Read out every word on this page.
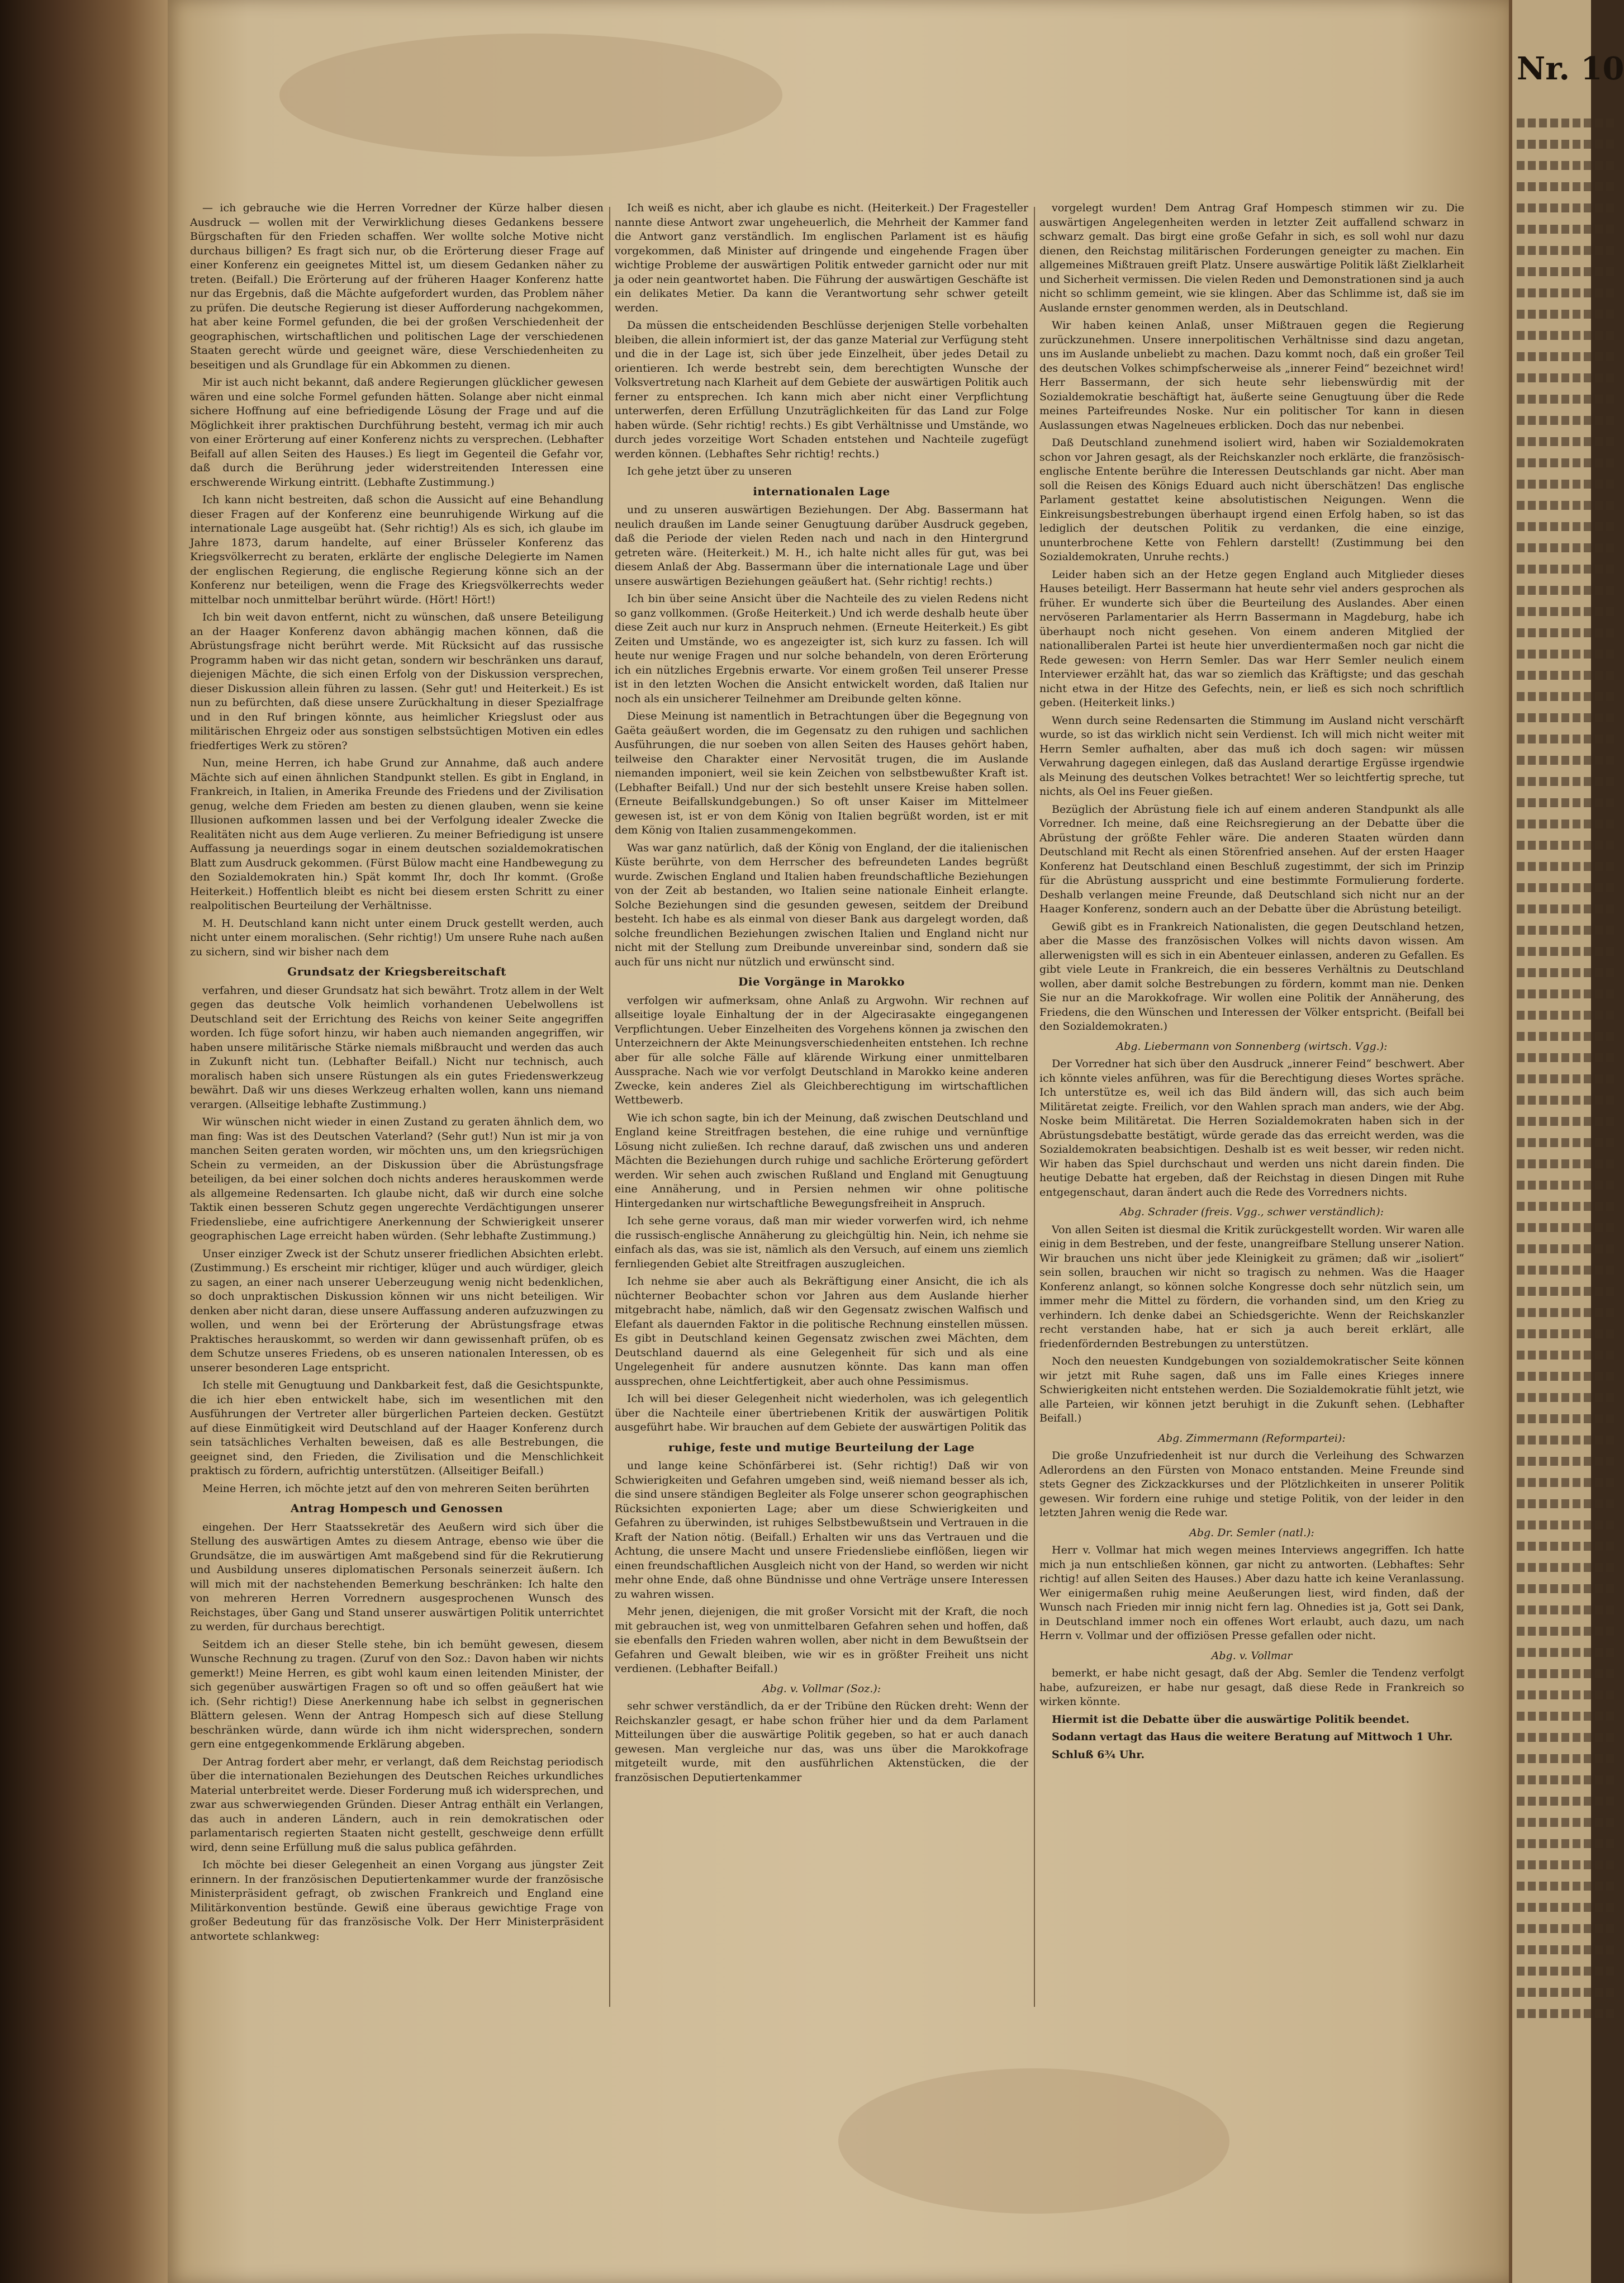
— ich gebrauche wie die Herren Vorredner der Kürze halber diesen Ausdruck — wollen mit der Verwirklichung dieses Gedankens bessere Bürgschaften für den Frieden schaffen. Wer wollte solche Motive nicht durchaus billigen? Es fragt sich nur, ob die Erörterung dieser Frage auf einer Konferenz ein geeignetes Mittel ist, um diesem Gedanken näher zu treten. (Beifall.) Die Erörterung auf der früheren Haager Konferenz hatte nur das Ergebnis, daß die Mächte aufgefordert wurden, das Problem näher zu prüfen. Die deutsche Regierung ist dieser Aufforderung nachgekommen, hat aber keine Formel gefunden, die bei der großen Verschiedenheit der geographischen, wirtschaftlichen und politischen Lage der verschiedenen Staaten gerecht würde und geeignet wäre, diese Verschiedenheiten zu beseitigen und als Grundlage für ein Abkommen zu dienen.

Mir ist auch nicht bekannt, daß andere Regierungen glücklicher gewesen wären und eine solche Formel gefunden hätten. Solange aber nicht einmal sichere Hoffnung auf eine befriedigende Lösung der Frage und auf die Möglichkeit ihrer praktischen Durchführung besteht, vermag ich mir auch von einer Erörterung auf einer Konferenz nichts zu versprechen. (Lebhafter Beifall auf allen Seiten des Hauses.) Es liegt im Gegenteil die Gefahr vor, daß durch die Berührung jeder widerstreitenden Interessen eine erschwerende Wirkung eintritt. (Lebhafte Zustimmung.)

Ich kann nicht bestreiten, daß schon die Aussicht auf eine Behandlung dieser Fragen auf der Konferenz eine beunruhigende Wirkung auf die internationale Lage ausgeübt hat. (Sehr richtig!) Als es sich, ich glaube im Jahre 1873, darum handelte, auf einer Brüsseler Konferenz das Kriegsvölkerrecht zu beraten, erklärte der englische Delegierte im Namen der englischen Regierung, die englische Regierung könne sich an der Konferenz nur beteiligen, wenn die Frage des Kriegsvölkerrechts weder mittelbar noch unmittelbar berührt würde. (Hört! Hört!)

Ich bin weit davon entfernt, nicht zu wünschen, daß unsere Beteiligung an der Haager Konferenz davon abhängig machen können, daß die Abrüstungsfrage nicht berührt werde. Mit Rücksicht auf das russische Programm haben wir das nicht getan, sondern wir beschränken uns darauf, diejenigen Mächte, die sich einen Erfolg von der Diskussion versprechen, dieser Diskussion allein führen zu lassen. (Sehr gut! und Heiterkeit.) Es ist nun zu befürchten, daß diese unsere Zurückhaltung in dieser Spezialfrage und in den Ruf bringen könnte, aus heimlicher Kriegslust oder aus militärischen Ehrgeiz oder aus sonstigen selbstsüchtigen Motiven ein edles friedfertiges Werk zu stören?

Nun, meine Herren, ich habe Grund zur Annahme, daß auch andere Mächte sich auf einen ähnlichen Standpunkt stellen. Es gibt in England, in Frankreich, in Italien, in Amerika Freunde des Friedens und der Zivilisation genug, welche dem Frieden am besten zu dienen glauben, wenn sie keine Illusionen aufkommen lassen und bei der Verfolgung idealer Zwecke die Realitäten nicht aus dem Auge verlieren. Zu meiner Befriedigung ist unsere Auffassung ja neuerdings sogar in einem deutschen sozialdemokratischen Blatt zum Ausdruck gekommen. (Fürst Bülow macht eine Handbewegung zu den Sozialdemokraten hin.) Spät kommt Ihr, doch Ihr kommt. (Große Heiterkeit.) Hoffentlich bleibt es nicht bei diesem ersten Schritt zu einer realpolitischen Beurteilung der Verhältnisse.

M. H. Deutschland kann nicht unter einem Druck gestellt werden, auch nicht unter einem moralischen. (Sehr richtig!) Um unsere Ruhe nach außen zu sichern, sind wir bisher nach dem

Grundsatz der Kriegsbereitschaft

verfahren, und dieser Grundsatz hat sich bewährt. Trotz allem in der Welt gegen das deutsche Volk heimlich vorhandenen Uebelwollens ist Deutschland seit der Errichtung des Reichs von keiner Seite angegriffen worden. Ich füge sofort hinzu, wir haben auch niemanden angegriffen, wir haben unsere militärische Stärke niemals mißbraucht und werden das auch in Zukunft nicht tun. (Lebhafter Beifall.) Nicht nur technisch, auch moralisch haben sich unsere Rüstungen als ein gutes Friedenswerkzeug bewährt. Daß wir uns dieses Werkzeug erhalten wollen, kann uns niemand verargen. (Allseitige lebhafte Zustimmung.)

Wir wünschen nicht wieder in einen Zustand zu geraten ähnlich dem, wo man fing: Was ist des Deutschen Vaterland? (Sehr gut!) Nun ist mir ja von manchen Seiten geraten worden, wir möchten uns, um den kriegsrüchigen Schein zu vermeiden, an der Diskussion über die Abrüstungsfrage beteiligen, da bei einer solchen doch nichts anderes herauskommen werde als allgemeine Redensarten. Ich glaube nicht, daß wir durch eine solche Taktik einen besseren Schutz gegen ungerechte Verdächtigungen unserer Friedensliebe, eine aufrichtigere Anerkennung der Schwierigkeit unserer geographischen Lage erreicht haben würden. (Sehr lebhafte Zustimmung.)

Unser einziger Zweck ist der Schutz unserer friedlichen Absichten erlebt. (Zustimmung.) Es erscheint mir richtiger, klüger und auch würdiger, gleich zu sagen, an einer nach unserer Ueberzeugung wenig nicht bedenklichen, so doch unpraktischen Diskussion können wir uns nicht beteiligen. Wir denken aber nicht daran, diese unsere Auffassung anderen aufzuzwingen zu wollen, und wenn bei der Erörterung der Abrüstungsfrage etwas Praktisches herauskommt, so werden wir dann gewissenhaft prüfen, ob es dem Schutze unseres Friedens, ob es unseren nationalen Interessen, ob es unserer besonderen Lage entspricht.

Ich stelle mit Genugtuung und Dankbarkeit fest, daß die Gesichtspunkte, die ich hier eben entwickelt habe, sich im wesentlichen mit den Ausführungen der Vertreter aller bürgerlichen Parteien decken. Gestützt auf diese Einmütigkeit wird Deutschland auf der Haager Konferenz durch sein tatsächliches Verhalten beweisen, daß es alle Bestrebungen, die geeignet sind, den Frieden, die Zivilisation und die Menschlichkeit praktisch zu fördern, aufrichtig unterstützen. (Allseitiger Beifall.)

Meine Herren, ich möchte jetzt auf den von mehreren Seiten berührten

Antrag Hompesch und Genossen

eingehen. Der Herr Staatssekretär des Aeußern wird sich über die Stellung des auswärtigen Amtes zu diesem Antrage, ebenso wie über die Grundsätze, die im auswärtigen Amt maßgebend sind für die Rekrutierung und Ausbildung unseres diplomatischen Personals seinerzeit äußern. Ich will mich mit der nachstehenden Bemerkung beschränken: Ich halte den von mehreren Herren Vorrednern ausgesprochenen Wunsch des Reichstages, über Gang und Stand unserer auswärtigen Politik unterrichtet zu werden, für durchaus berechtigt.

Seitdem ich an dieser Stelle stehe, bin ich bemüht gewesen, diesem Wunsche Rechnung zu tragen. (Zuruf von den Soz.: Davon haben wir nichts gemerkt!) Meine Herren, es gibt wohl kaum einen leitenden Minister, der sich gegenüber auswärtigen Fragen so oft und so offen geäußert hat wie ich. (Sehr richtig!) Diese Anerkennung habe ich selbst in gegnerischen Blättern gelesen. Wenn der Antrag Hompesch sich auf diese Stellung beschränken würde, dann würde ich ihm nicht widersprechen, sondern gern eine entgegenkommende Erklärung abgeben.

Der Antrag fordert aber mehr, er verlangt, daß dem Reichstag periodisch über die internationalen Beziehungen des Deutschen Reiches urkundliches Material unterbreitet werde. Dieser Forderung muß ich widersprechen, und zwar aus schwerwiegenden Gründen. Dieser Antrag enthält ein Verlangen, das auch in anderen Ländern, auch in rein demokratischen oder parlamentarisch regierten Staaten nicht gestellt, geschweige denn erfüllt wird, denn seine Erfüllung muß die salus publica gefährden.

Ich möchte bei dieser Gelegenheit an einen Vorgang aus jüngster Zeit erinnern. In der französischen Deputiertenkammer wurde der französische Ministerpräsident gefragt, ob zwischen Frankreich und England eine Militärkonvention bestünde. Gewiß eine überaus gewichtige Frage von großer Bedeutung für das französische Volk. Der Herr Ministerpräsident antwortete schlankweg:

Ich weiß es nicht, aber ich glaube es nicht. (Heiterkeit.) Der Fragesteller nannte diese Antwort zwar ungeheuerlich, die Mehrheit der Kammer fand die Antwort ganz verständlich. Im englischen Parlament ist es häufig vorgekommen, daß Minister auf dringende und eingehende Fragen über wichtige Probleme der auswärtigen Politik entweder garnicht oder nur mit ja oder nein geantwortet haben. Die Führung der auswärtigen Geschäfte ist ein delikates Metier. Da kann die Verantwortung sehr schwer geteilt werden.

Da müssen die entscheidenden Beschlüsse derjenigen Stelle vorbehalten bleiben, die allein informiert ist, der das ganze Material zur Verfügung steht und die in der Lage ist, sich über jede Einzelheit, über jedes Detail zu orientieren. Ich werde bestrebt sein, dem berechtigten Wunsche der Volksvertretung nach Klarheit auf dem Gebiete der auswärtigen Politik auch ferner zu entsprechen. Ich kann mich aber nicht einer Verpflichtung unterwerfen, deren Erfüllung Unzuträglichkeiten für das Land zur Folge haben würde. (Sehr richtig! rechts.) Es gibt Verhältnisse und Umstände, wo durch jedes vorzeitige Wort Schaden entstehen und Nachteile zugefügt werden können. (Lebhaftes Sehr richtig! rechts.)

Ich gehe jetzt über zu unseren

internationalen Lage

und zu unseren auswärtigen Beziehungen. Der Abg. Bassermann hat neulich draußen im Lande seiner Genugtuung darüber Ausdruck gegeben, daß die Periode der vielen Reden nach und nach in den Hintergrund getreten wäre. (Heiterkeit.) M. H., ich halte nicht alles für gut, was bei diesem Anlaß der Abg. Bassermann über die internationale Lage und über unsere auswärtigen Beziehungen geäußert hat. (Sehr richtig! rechts.)

Ich bin über seine Ansicht über die Nachteile des zu vielen Redens nicht so ganz vollkommen. (Große Heiterkeit.) Und ich werde deshalb heute über diese Zeit auch nur kurz in Anspruch nehmen. (Erneute Heiterkeit.) Es gibt Zeiten und Umstände, wo es angezeigter ist, sich kurz zu fassen. Ich will heute nur wenige Fragen und nur solche behandeln, von deren Erörterung ich ein nützliches Ergebnis erwarte. Vor einem großen Teil unserer Presse ist in den letzten Wochen die Ansicht entwickelt worden, daß Italien nur noch als ein unsicherer Teilnehmer am Dreibunde gelten könne.

Diese Meinung ist namentlich in Betrachtungen über die Begegnung von Gaëta geäußert worden, die im Gegensatz zu den ruhigen und sachlichen Ausführungen, die nur soeben von allen Seiten des Hauses gehört haben, teilweise den Charakter einer Nervosität trugen, die im Auslande niemanden imponiert, weil sie kein Zeichen von selbstbewußter Kraft ist. (Lebhafter Beifall.) Und nur der sich bestehlt unsere Kreise haben sollen. (Erneute Beifallskundgebungen.) So oft unser Kaiser im Mittelmeer gewesen ist, ist er von dem König von Italien begrüßt worden, ist er mit dem König von Italien zusammengekommen.

Was war ganz natürlich, daß der König von England, der die italienischen Küste berührte, von dem Herrscher des befreundeten Landes begrüßt wurde. Zwischen England und Italien haben freundschaftliche Beziehungen von der Zeit ab bestanden, wo Italien seine nationale Einheit erlangte. Solche Beziehungen sind die gesunden gewesen, seitdem der Dreibund besteht. Ich habe es als einmal von dieser Bank aus dargelegt worden, daß solche freundlichen Beziehungen zwischen Italien und England nicht nur nicht mit der Stellung zum Dreibunde unvereinbar sind, sondern daß sie auch für uns nicht nur nützlich und erwünscht sind.

Die Vorgänge in Marokko

verfolgen wir aufmerksam, ohne Anlaß zu Argwohn. Wir rechnen auf allseitige loyale Einhaltung der in der Algecirasakte eingegangenen Verpflichtungen. Ueber Einzelheiten des Vorgehens können ja zwischen den Unterzeichnern der Akte Meinungsverschiedenheiten entstehen. Ich rechne aber für alle solche Fälle auf klärende Wirkung einer unmittelbaren Aussprache. Nach wie vor verfolgt Deutschland in Marokko keine anderen Zwecke, kein anderes Ziel als Gleichberechtigung im wirtschaftlichen Wettbewerb.

Wie ich schon sagte, bin ich der Meinung, daß zwischen Deutschland und England keine Streitfragen bestehen, die eine ruhige und vernünftige Lösung nicht zuließen. Ich rechne darauf, daß zwischen uns und anderen Mächten die Beziehungen durch ruhige und sachliche Erörterung gefördert werden. Wir sehen auch zwischen Rußland und England mit Genugtuung eine Annäherung, und in Persien nehmen wir ohne politische Hintergedanken nur wirtschaftliche Bewegungsfreiheit in Anspruch.

Ich sehe gerne voraus, daß man mir wieder vorwerfen wird, ich nehme die russisch-englische Annäherung zu gleichgültig hin. Nein, ich nehme sie einfach als das, was sie ist, nämlich als den Versuch, auf einem uns ziemlich fernliegenden Gebiet alte Streitfragen auszugleichen.

Ich nehme sie aber auch als Bekräftigung einer Ansicht, die ich als nüchterner Beobachter schon vor Jahren aus dem Auslande hierher mitgebracht habe, nämlich, daß wir den Gegensatz zwischen Walfisch und Elefant als dauernden Faktor in die politische Rechnung einstellen müssen. Es gibt in Deutschland keinen Gegensatz zwischen zwei Mächten, dem Deutschland dauernd als eine Gelegenheit für sich und als eine Ungelegenheit für andere ausnutzen könnte. Das kann man offen aussprechen, ohne Leichtfertigkeit, aber auch ohne Pessimismus.

Ich will bei dieser Gelegenheit nicht wiederholen, was ich gelegentlich über die Nachteile einer übertriebenen Kritik der auswärtigen Politik ausgeführt habe. Wir brauchen auf dem Gebiete der auswärtigen Politik das

ruhige, feste und mutige Beurteilung der Lage

und lange keine Schönfärberei ist. (Sehr richtig!) Daß wir von Schwierigkeiten und Gefahren umgeben sind, weiß niemand besser als ich, die sind unsere ständigen Begleiter als Folge unserer schon geographischen Rücksichten exponierten Lage; aber um diese Schwierigkeiten und Gefahren zu überwinden, ist ruhiges Selbstbewußtsein und Vertrauen in die Kraft der Nation nötig. (Beifall.) Erhalten wir uns das Vertrauen und die Achtung, die unsere Macht und unsere Friedensliebe einflößen, liegen wir einen freundschaftlichen Ausgleich nicht von der Hand, so werden wir nicht mehr ohne Ende, daß ohne Bündnisse und ohne Verträge unsere Interessen zu wahren wissen.

Mehr jenen, diejenigen, die mit großer Vorsicht mit der Kraft, die noch mit gebrauchen ist, weg von unmittelbaren Gefahren sehen und hoffen, daß sie ebenfalls den Frieden wahren wollen, aber nicht in dem Bewußtsein der Gefahren und Gewalt bleiben, wie wir es in größter Freiheit uns nicht verdienen. (Lebhafter Beifall.)

Abg. v. Vollmar (Soz.):

sehr schwer verständlich, da er der Tribüne den Rücken dreht: Wenn der Reichskanzler gesagt, er habe schon früher hier und da dem Parlament Mitteilungen über die auswärtige Politik gegeben, so hat er auch danach gewesen. Man vergleiche nur das, was uns über die Marokkofrage mitgeteilt wurde, mit den ausführlichen Aktenstücken, die der französischen Deputiertenkammer

vorgelegt wurden! Dem Antrag Graf Hompesch stimmen wir zu. Die auswärtigen Angelegenheiten werden in letzter Zeit auffallend schwarz in schwarz gemalt. Das birgt eine große Gefahr in sich, es soll wohl nur dazu dienen, den Reichstag militärischen Forderungen geneigter zu machen. Ein allgemeines Mißtrauen greift Platz. Unsere auswärtige Politik läßt Zielklarheit und Sicherheit vermissen. Die vielen Reden und Demonstrationen sind ja auch nicht so schlimm gemeint, wie sie klingen. Aber das Schlimme ist, daß sie im Auslande ernster genommen werden, als in Deutschland.

Wir haben keinen Anlaß, unser Mißtrauen gegen die Regierung zurückzunehmen. Unsere innerpolitischen Verhältnisse sind dazu angetan, uns im Auslande unbeliebt zu machen. Dazu kommt noch, daß ein großer Teil des deutschen Volkes schimpfscherweise als „innerer Feind“ bezeichnet wird! Herr Bassermann, der sich heute sehr liebenswürdig mit der Sozialdemokratie beschäftigt hat, äußerte seine Genugtuung über die Rede meines Parteifreundes Noske. Nur ein politischer Tor kann in diesen Auslassungen etwas Nagelneues erblicken. Doch das nur nebenbei.

Daß Deutschland zunehmend isoliert wird, haben wir Sozialdemokraten schon vor Jahren gesagt, als der Reichskanzler noch erklärte, die französisch-englische Entente berühre die Interessen Deutschlands gar nicht. Aber man soll die Reisen des Königs Eduard auch nicht überschätzen! Das englische Parlament gestattet keine absolutistischen Neigungen. Wenn die Einkreisungsbestrebungen überhaupt irgend einen Erfolg haben, so ist das lediglich der deutschen Politik zu verdanken, die eine einzige, ununterbrochene Kette von Fehlern darstellt! (Zustimmung bei den Sozialdemokraten, Unruhe rechts.)

Leider haben sich an der Hetze gegen England auch Mitglieder dieses Hauses beteiligt. Herr Bassermann hat heute sehr viel anders gesprochen als früher. Er wunderte sich über die Beurteilung des Auslandes. Aber einen nervöseren Parlamentarier als Herrn Bassermann in Magdeburg, habe ich überhaupt noch nicht gesehen. Von einem anderen Mitglied der nationalliberalen Partei ist heute hier unverdientermaßen noch gar nicht die Rede gewesen: von Herrn Semler. Das war Herr Semler neulich einem Interviewer erzählt hat, das war so ziemlich das Kräftigste; und das geschah nicht etwa in der Hitze des Gefechts, nein, er ließ es sich noch schriftlich geben. (Heiterkeit links.)

Wenn durch seine Redensarten die Stimmung im Ausland nicht verschärft wurde, so ist das wirklich nicht sein Verdienst. Ich will mich nicht weiter mit Herrn Semler aufhalten, aber das muß ich doch sagen: wir müssen Verwahrung dagegen einlegen, daß das Ausland derartige Ergüsse irgendwie als Meinung des deutschen Volkes betrachtet! Wer so leichtfertig spreche, tut nichts, als Oel ins Feuer gießen.

Bezüglich der Abrüstung fiele ich auf einem anderen Standpunkt als alle Vorredner. Ich meine, daß eine Reichsregierung an der Debatte über die Abrüstung der größte Fehler wäre. Die anderen Staaten würden dann Deutschland mit Recht als einen Störenfried ansehen. Auf der ersten Haager Konferenz hat Deutschland einen Beschluß zugestimmt, der sich im Prinzip für die Abrüstung ausspricht und eine bestimmte Formulierung forderte. Deshalb verlangen meine Freunde, daß Deutschland sich nicht nur an der Haager Konferenz, sondern auch an der Debatte über die Abrüstung beteiligt.

Gewiß gibt es in Frankreich Nationalisten, die gegen Deutschland hetzen, aber die Masse des französischen Volkes will nichts davon wissen. Am allerwenigsten will es sich in ein Abenteuer einlassen, anderen zu Gefallen. Es gibt viele Leute in Frankreich, die ein besseres Verhältnis zu Deutschland wollen, aber damit solche Bestrebungen zu fördern, kommt man nie. Denken Sie nur an die Marokkofrage. Wir wollen eine Politik der Annäherung, des Friedens, die den Wünschen und Interessen der Völker entspricht. (Beifall bei den Sozialdemokraten.)

Abg. Liebermann von Sonnenberg (wirtsch. Vgg.):

Der Vorredner hat sich über den Ausdruck „innerer Feind“ beschwert. Aber ich könnte vieles anführen, was für die Berechtigung dieses Wortes spräche. Ich unterstütze es, weil ich das Bild ändern will, das sich auch beim Militäretat zeigte. Freilich, vor den Wahlen sprach man anders, wie der Abg. Noske beim Militäretat. Die Herren Sozialdemokraten haben sich in der Abrüstungsdebatte bestätigt, würde gerade das das erreicht werden, was die Sozialdemokraten beabsichtigen. Deshalb ist es weit besser, wir reden nicht. Wir haben das Spiel durchschaut und werden uns nicht darein finden. Die heutige Debatte hat ergeben, daß der Reichstag in diesen Dingen mit Ruhe entgegenschaut, daran ändert auch die Rede des Vorredners nichts.

Abg. Schrader (freis. Vgg., schwer verständlich):

Von allen Seiten ist diesmal die Kritik zurückgestellt worden. Wir waren alle einig in dem Bestreben, und der feste, unangreifbare Stellung unserer Nation. Wir brauchen uns nicht über jede Kleinigkeit zu grämen; daß wir „isoliert“ sein sollen, brauchen wir nicht so tragisch zu nehmen. Was die Haager Konferenz anlangt, so können solche Kongresse doch sehr nützlich sein, um immer mehr die Mittel zu fördern, die vorhanden sind, um den Krieg zu verhindern. Ich denke dabei an Schiedsgerichte. Wenn der Reichskanzler recht verstanden habe, hat er sich ja auch bereit erklärt, alle friedenfördernden Bestrebungen zu unterstützen.

Noch den neuesten Kundgebungen von sozialdemokratischer Seite können wir jetzt mit Ruhe sagen, daß uns im Falle eines Krieges innere Schwierigkeiten nicht entstehen werden. Die Sozialdemokratie fühlt jetzt, wie alle Parteien, wir können jetzt beruhigt in die Zukunft sehen. (Lebhafter Beifall.)

Abg. Zimmermann (Reformpartei):

Die große Unzufriedenheit ist nur durch die Verleihung des Schwarzen Adlerordens an den Fürsten von Monaco entstanden. Meine Freunde sind stets Gegner des Zickzackkurses und der Plötzlichkeiten in unserer Politik gewesen. Wir fordern eine ruhige und stetige Politik, von der leider in den letzten Jahren wenig die Rede war.

Abg. Dr. Semler (natl.):

Herr v. Vollmar hat mich wegen meines Interviews angegriffen. Ich hatte mich ja nun entschließen können, gar nicht zu antworten. (Lebhaftes: Sehr richtig! auf allen Seiten des Hauses.) Aber dazu hatte ich keine Veranlassung. Wer einigermaßen ruhig meine Aeußerungen liest, wird finden, daß der Wunsch nach Frieden mir innig nicht fern lag. Ohnedies ist ja, Gott sei Dank, in Deutschland immer noch ein offenes Wort erlaubt, auch dazu, um nach Herrn v. Vollmar und der offiziösen Presse gefallen oder nicht.

Abg. v. Vollmar

bemerkt, er habe nicht gesagt, daß der Abg. Semler die Tendenz verfolgt habe, aufzureizen, er habe nur gesagt, daß diese Rede in Frankreich so wirken könnte.

Hiermit ist die Debatte über die auswärtige Politik beendet.

Sodann vertagt das Haus die weitere Beratung auf Mittwoch 1 Uhr.

Schluß 6¾ Uhr.

Nr. 10
